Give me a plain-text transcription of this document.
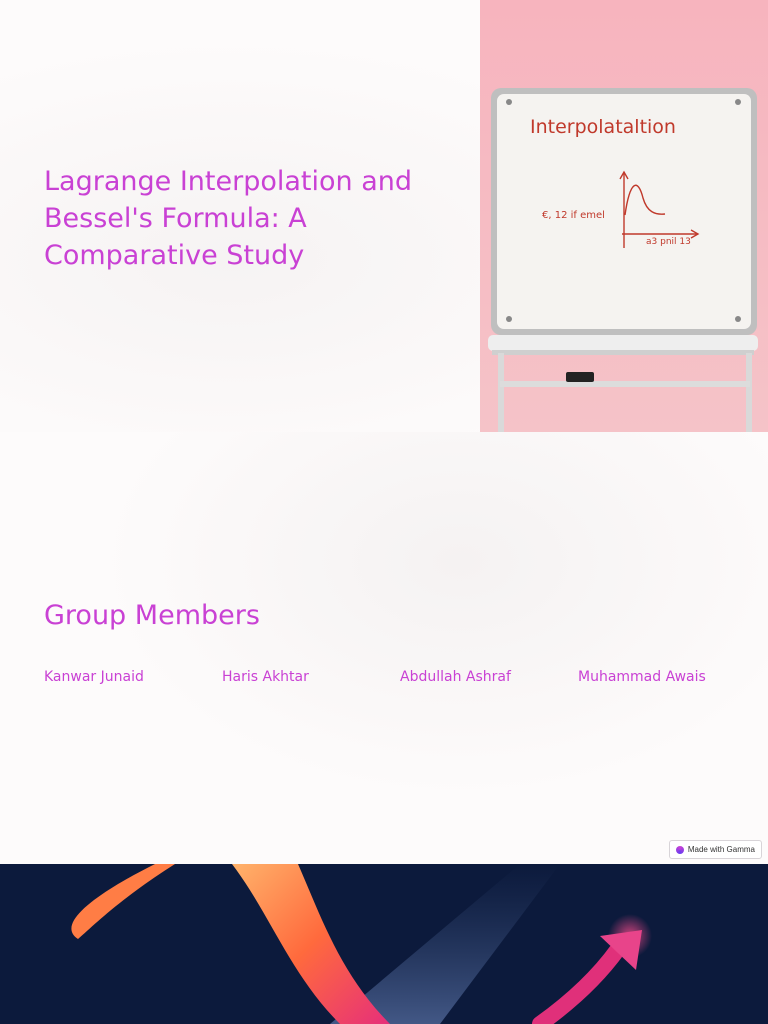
Lagrange Interpolation and Bessel's Formula: A Comparative Study
Interpolataltion
€, 12 if emel
a3 pnil 13
Group Members
Kanwar Junaid	Haris Akhtar	Abdullah Ashraf	Muhammad Awais
Made with Gamma
